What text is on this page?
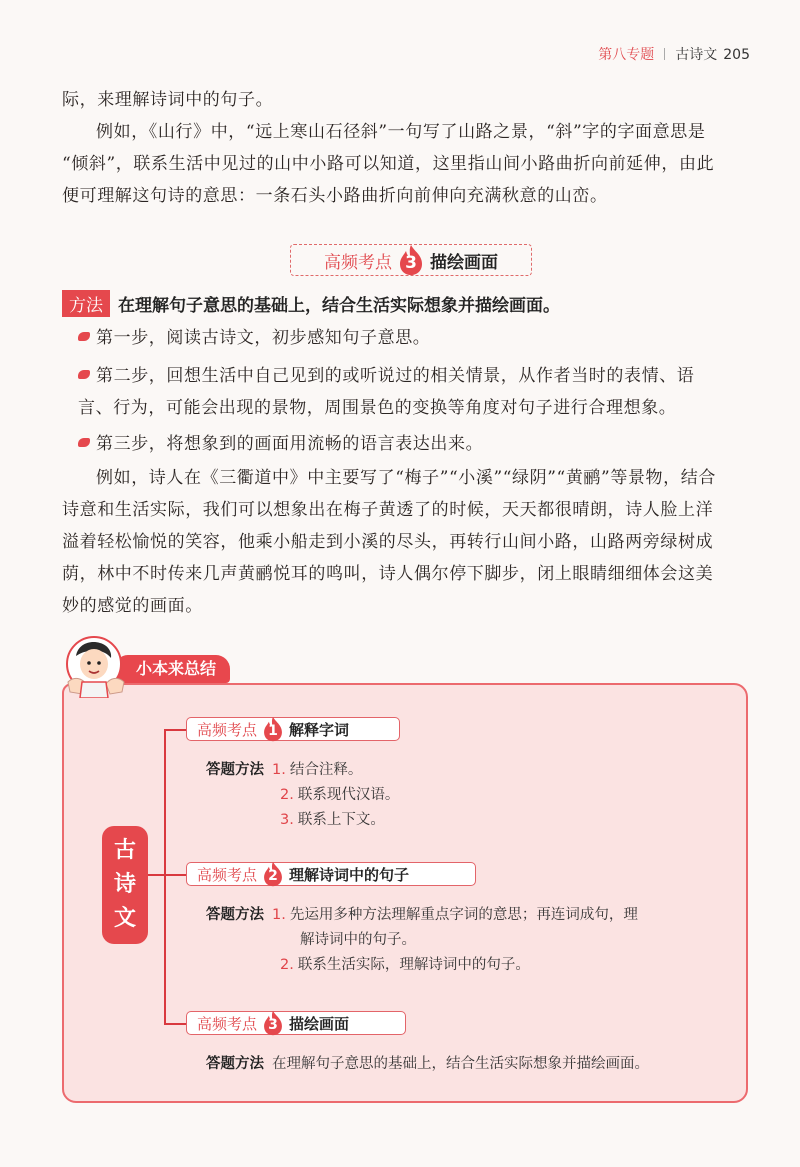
第八专题 古诗文 205
际，来理解诗词中的句子。
例如，《山行》中，“远上寒山石径斜”一句写了山路之景，“斜”字的字面意思是
“倾斜”，联系生活中见过的山中小路可以知道，这里指山间小路曲折向前延伸，由此
便可理解这句诗的意思：一条石头小路曲折向前伸向充满秋意的山峦。
高频考点 3 描绘画面
方法 在理解句子意思的基础上，结合生活实际想象并描绘画面。
第一步，阅读古诗文，初步感知句子意思。
第二步，回想生活中自己见到的或听说过的相关情景，从作者当时的表情、语
言、行为，可能会出现的景物，周围景色的变换等角度对句子进行合理想象。
第三步，将想象到的画面用流畅的语言表达出来。
例如，诗人在《三衢道中》中主要写了“梅子”“小溪”“绿阴”“黄鹂”等景物，结合
诗意和生活实际，我们可以想象出在梅子黄透了的时候，天天都很晴朗，诗人脸上洋
溢着轻松愉悦的笑容，他乘小船走到小溪的尽头，再转行山间小路，山路两旁绿树成
荫，林中不时传来几声黄鹂悦耳的鸣叫，诗人偶尔停下脚步，闭上眼睛细细体会这美
妙的感觉的画面。
小本来总结
古
诗
文
高频考点 1 解释字词
答题方法 1. 结合注释。
2. 联系现代汉语。
3. 联系上下文。
高频考点 2 理解诗词中的句子
答题方法 1. 先运用多种方法理解重点字词的意思；再连词成句，理
解诗词中的句子。
2. 联系生活实际，理解诗词中的句子。
高频考点 3 描绘画面
答题方法 在理解句子意思的基础上，结合生活实际想象并描绘画面。
